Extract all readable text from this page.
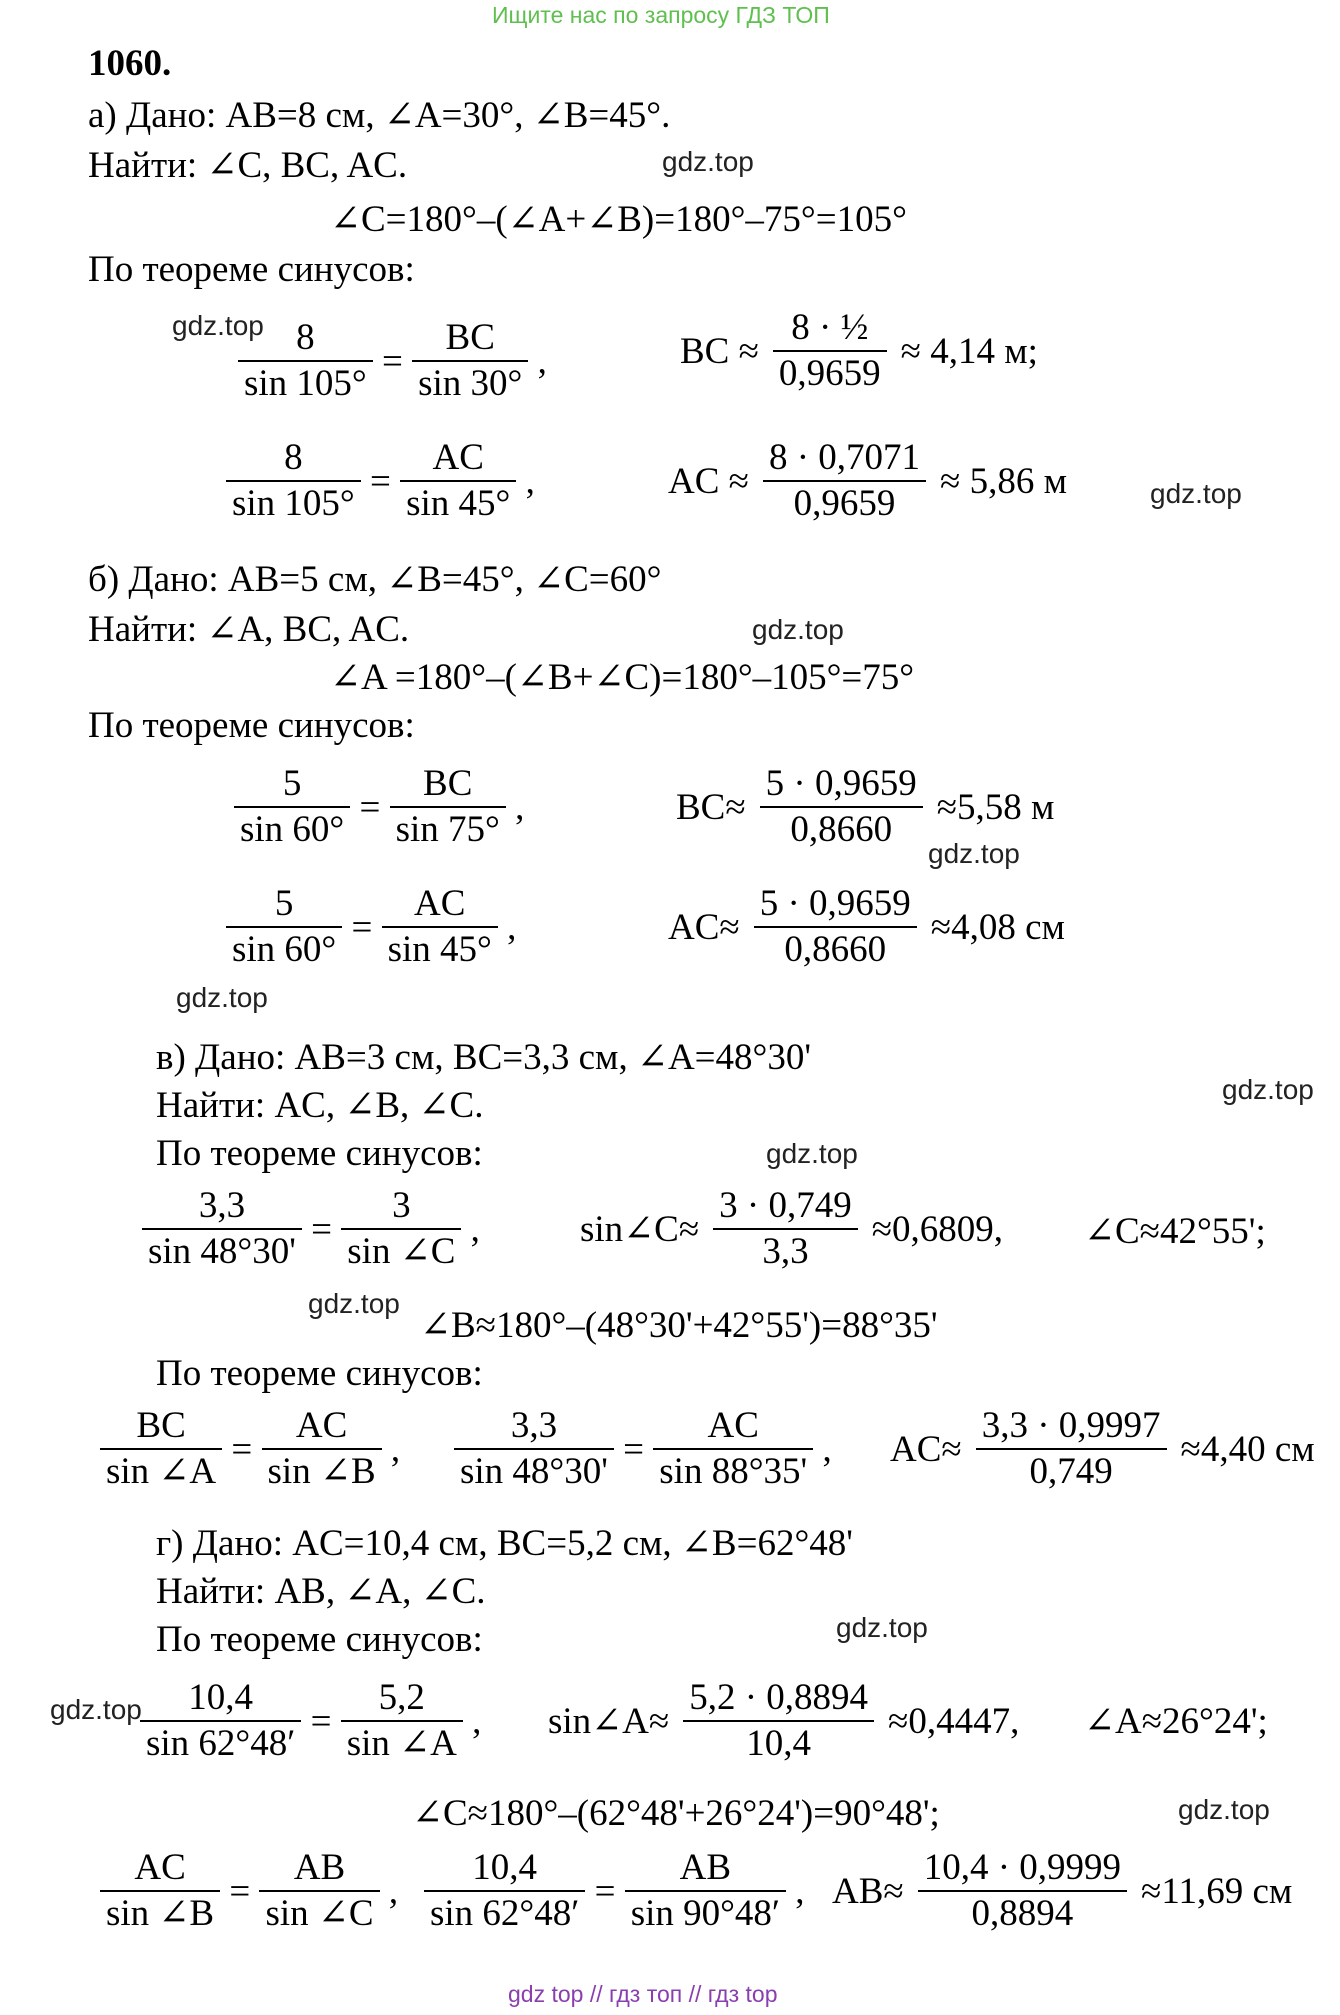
Ищите нас по запросу ГДЗ ТОП
1060.
а) Дано: AB=8 см, ∠A=30°, ∠B=45°.
Найти: ∠C, BC, AC.	gdz.top
∠C=180°–(∠A+∠B)=180°–75°=105°
По теореме синусов:
gdz.top
$\frac{8}{\sin 105^\circ} = \frac{BC}{\sin 30^\circ}$ ,	BC ≈ $\frac{\text{8 · ½}}{0,9659} \approx 4,14$ м;
$\frac{8}{\sin 105^\circ} = \frac{AC}{\sin 45^\circ}$ ,	AC ≈ $\frac{8 \cdot 0,7071}{0,9659} \approx 5,86$ м	gdz.top
б) Дано: AB=5 см, ∠B=45°, ∠C=60°
Найти: ∠A, BC, AC.	gdz.top
∠A =180°–(∠B+∠C)=180°–105°=75°
По теореме синусов:
$\frac{5}{\sin 60^\circ} = \frac{BC}{\sin 75^\circ}$ ,	$BC\approx \frac{5 \cdot 0,9659}{0,8660} \approx 5,58$ м
gdz.top
$\frac{5}{\sin 60^\circ} = \frac{AC}{\sin 45^\circ}$ ,	$AC\approx \frac{5 \cdot 0,9659}{0,8660} \approx 4,08$ см
gdz.top
в) Дано: AB=3 см, BC=3,3 см, ∠A=48°30'
gdz.top
Найти: AC, ∠B, ∠C.
По теореме синусов:	gdz.top
$\frac{3,3}{\sin 48^\circ 30'} = \frac{3}{\sin \angle C}$ ,	sin∠C≈ $\frac{3 \cdot 0,749}{3,3} \approx 0,6809$, ∠C≈42°55';
gdz.top
∠B≈180°–(48°30'+42°55')=88°35'
По теореме синусов:
$\frac{BC}{\sin \angle A} = \frac{AC}{\sin \angle B}$ , $\frac{3,3}{\sin 48^\circ 30'} = \frac{AC}{\sin 88^\circ 35'}$ , $AC\approx \frac{3,3 \cdot 0,9997}{0,749} \approx 4,40$ см
г) Дано: AC=10,4 см, BC=5,2 см, ∠B=62°48'
Найти: AB, ∠A, ∠C.
По теореме синусов:	gdz.top
gdz.top
$\frac{10,4}{\sin 62^\circ 48'} = \frac{5,2}{\sin \angle A}$ , sin∠A≈ $\frac{5,2 \cdot 0,8894}{10,4} \approx 0,4447$, ∠A≈26°24';
∠C≈180°–(62°48'+26°24')=90°48';	gdz.top
$\frac{AC}{\sin \angle B} = \frac{AB}{\sin \angle C}$ , $\frac{10,4}{\sin 62^\circ 48'} = \frac{AB}{\sin 90^\circ 48'}$ , $AB\approx \frac{10,4 \cdot 0,9999}{0,8894} \approx 11,69$ см
gdz top // гдз топ // гдз top
